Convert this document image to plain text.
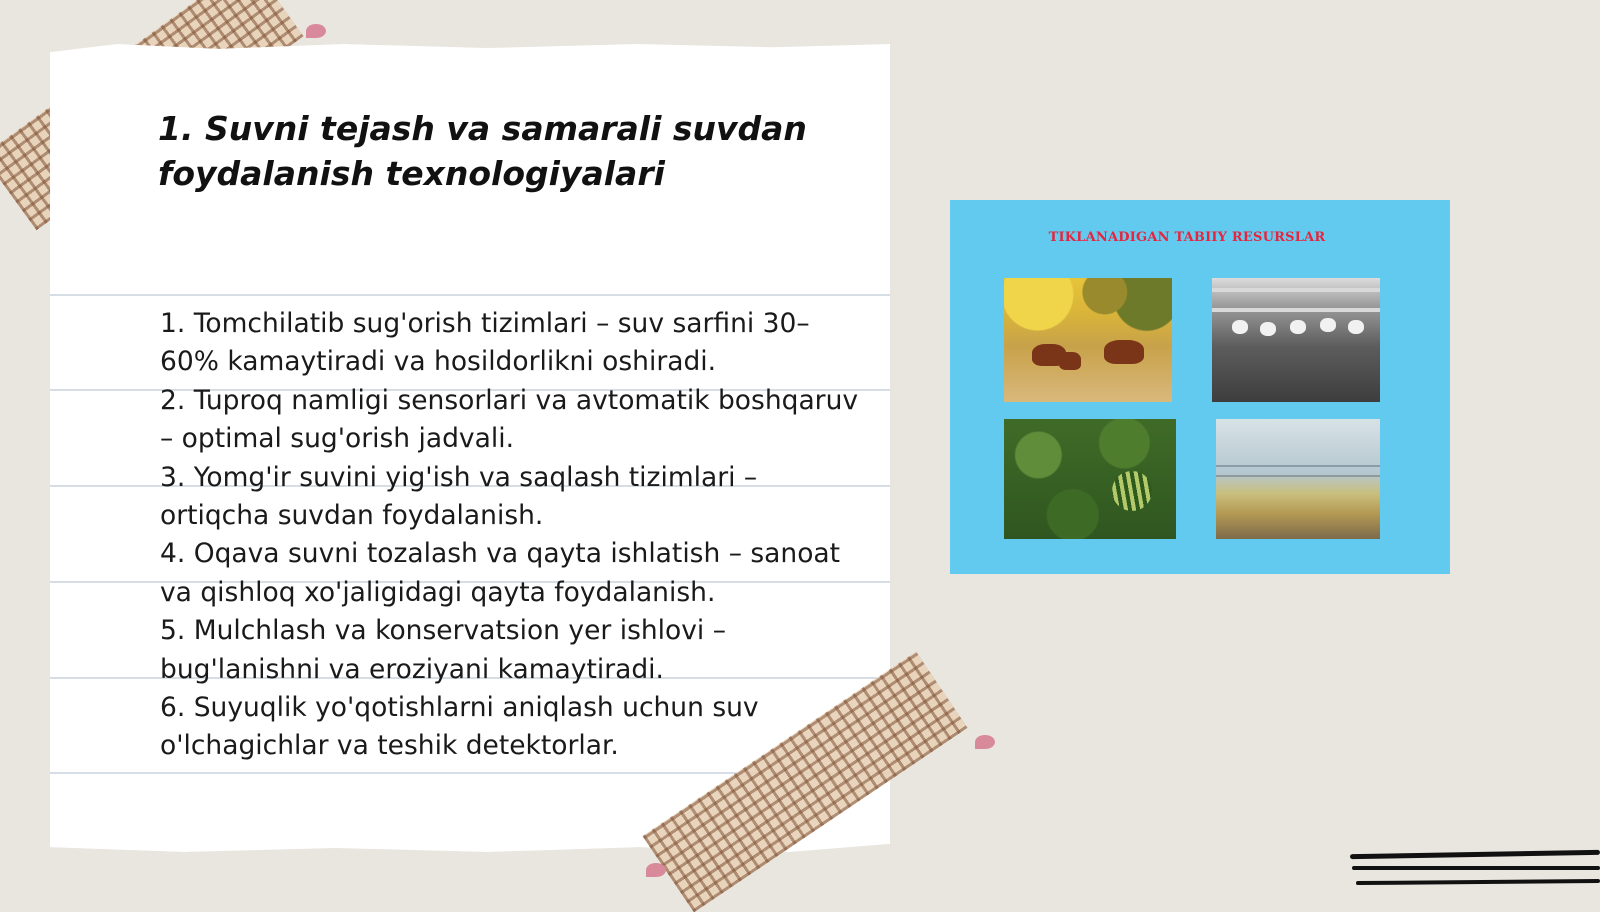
1. Suvni tejash va samarali suvdan foydalanish texnologiyalari
1. Tomchilatib sug'orish tizimlari – suv sarfini 30–60% kamaytiradi va hosildorlikni oshiradi.
2. Tuproq namligi sensorlari va avtomatik boshqaruv – optimal sug'orish jadvali.
3. Yomg'ir suvini yig'ish va saqlash tizimlari – ortiqcha suvdan foydalanish.
4. Oqava suvni tozalash va qayta ishlatish – sanoat va qishloq xo'jaligidagi qayta foydalanish.
5. Mulchlash va konservatsion yer ishlovi – bug'lanishni va eroziyani kamaytiradi.
6. Suyuqlik yo'qotishlarni aniqlash uchun suv o'lchagichlar va teshik detektorlar.
TIKLANADIGAN TABIIY RESURSLAR
